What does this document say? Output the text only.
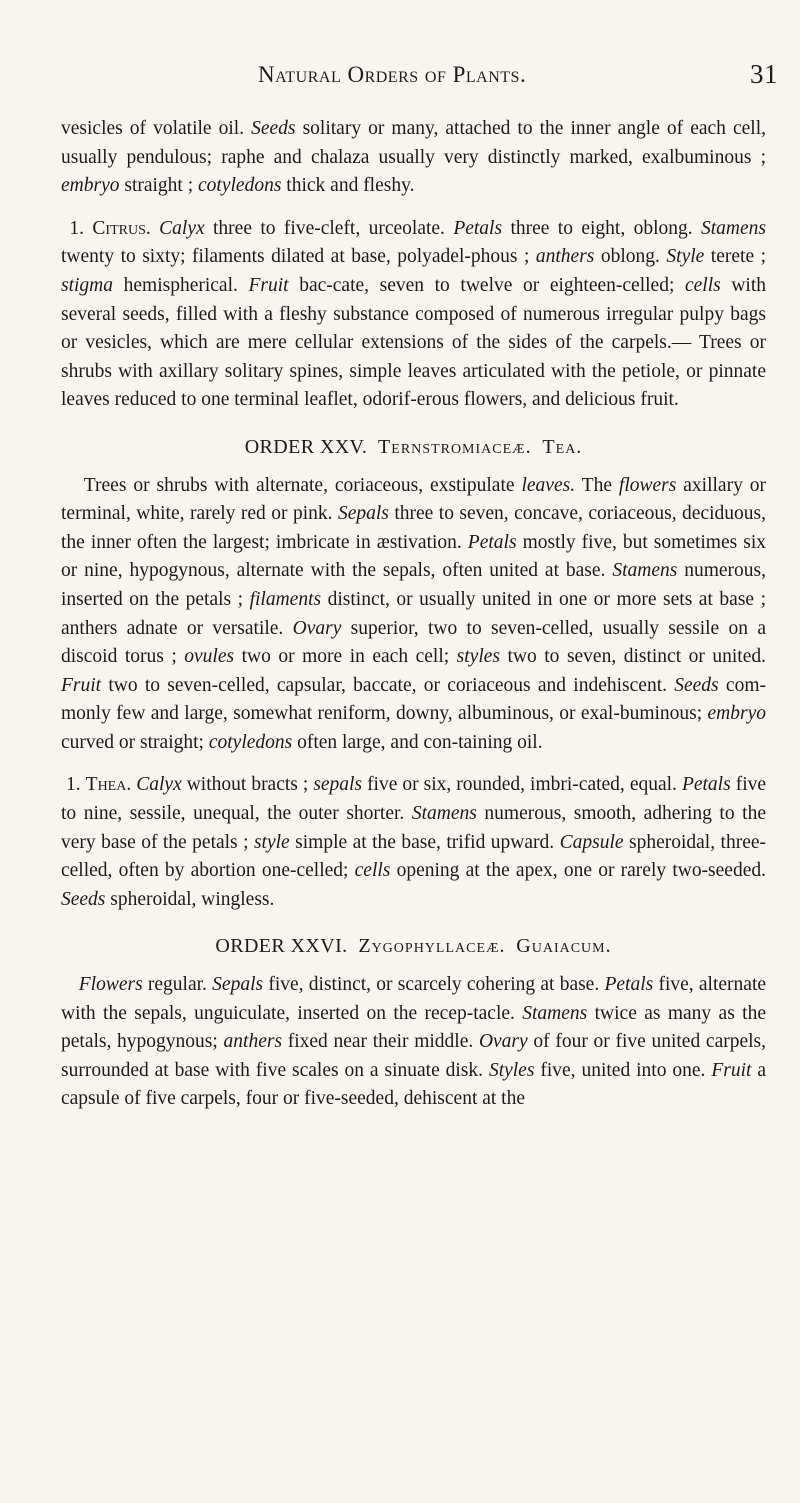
Natural Orders of Plants.	31

vesicles of volatile oil. Seeds solitary or many, attached to the inner angle of each cell, usually pendulous; raphe and chalaza usually very distinctly marked, exalbuminous ; embryo straight ; cotyledons thick and fleshy.

1. Citrus. Calyx three to five-cleft, urceolate. Petals three to eight, oblong. Stamens twenty to sixty; filaments dilated at base, polyadel-phous ; anthers oblong. Style terete ; stigma hemispherical. Fruit bac-cate, seven to twelve or eighteen-celled; cells with several seeds, filled with a fleshy substance composed of numerous irregular pulpy bags or vesicles, which are mere cellular extensions of the sides of the carpels.— Trees or shrubs with axillary solitary spines, simple leaves articulated with the petiole, or pinnate leaves reduced to one terminal leaflet, odorif-erous flowers, and delicious fruit.

ORDER XXV. Ternstromiaceæ. Tea.

Trees or shrubs with alternate, coriaceous, exstipulate leaves. The flowers axillary or terminal, white, rarely red or pink. Sepals three to seven, concave, coriaceous, deciduous, the inner often the largest; imbricate in æstivation. Petals mostly five, but sometimes six or nine, hypogynous, alternate with the sepals, often united at base. Stamens numerous, inserted on the petals ; filaments distinct, or usually united in one or more sets at base ; anthers adnate or versatile. Ovary superior, two to seven-celled, usually sessile on a discoid torus ; ovules two or more in each cell; styles two to seven, distinct or united. Fruit two to seven-celled, capsular, baccate, or coriaceous and indehiscent. Seeds com-monly few and large, somewhat reniform, downy, albuminous, or exal-buminous; embryo curved or straight; cotyledons often large, and con-taining oil.

1. Thea. Calyx without bracts ; sepals five or six, rounded, imbri-cated, equal. Petals five to nine, sessile, unequal, the outer shorter. Stamens numerous, smooth, adhering to the very base of the petals ; style simple at the base, trifid upward. Capsule spheroidal, three-celled, often by abortion one-celled; cells opening at the apex, one or rarely two-seeded. Seeds spheroidal, wingless.

ORDER XXVI. Zygophyllaceæ. Guaiacum.

Flowers regular. Sepals five, distinct, or scarcely cohering at base. Petals five, alternate with the sepals, unguiculate, inserted on the recep-tacle. Stamens twice as many as the petals, hypogynous; anthers fixed near their middle. Ovary of four or five united carpels, surrounded at base with five scales on a sinuate disk. Styles five, united into one. Fruit a capsule of five carpels, four or five-seeded, dehiscent at the
